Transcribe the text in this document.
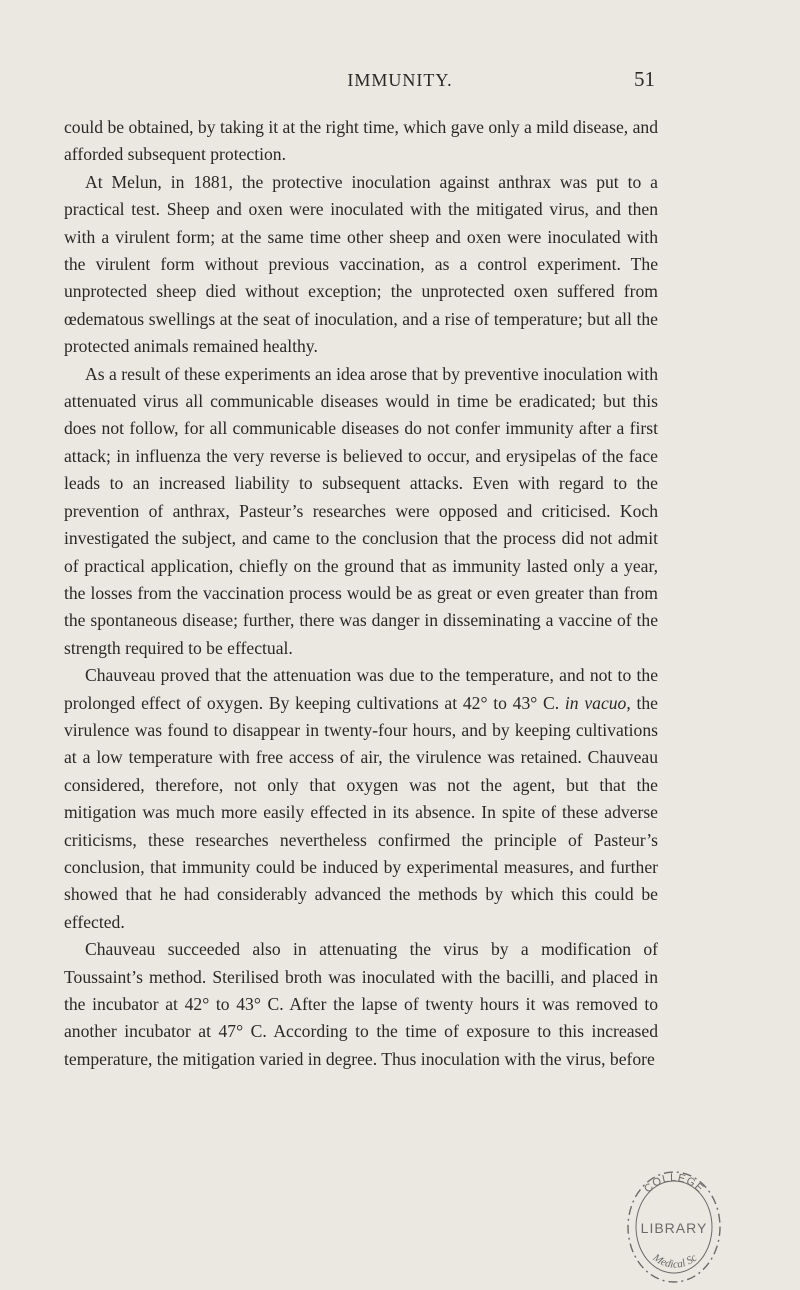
IMMUNITY.	51

could be obtained, by taking it at the right time, which gave only a mild disease, and afforded subsequent protection.

At Melun, in 1881, the protective inoculation against anthrax was put to a practical test. Sheep and oxen were inoculated with the mitigated virus, and then with a virulent form; at the same time other sheep and oxen were inoculated with the virulent form without previous vaccination, as a control experiment. The unprotected sheep died without exception; the unprotected oxen suffered from œdematous swellings at the seat of inoculation, and a rise of temperature; but all the protected animals remained healthy.

As a result of these experiments an idea arose that by preventive inoculation with attenuated virus all communicable diseases would in time be eradicated; but this does not follow, for all communicable diseases do not confer immunity after a first attack; in influenza the very reverse is believed to occur, and erysipelas of the face leads to an increased liability to subsequent attacks. Even with regard to the prevention of anthrax, Pasteur’s researches were opposed and criticised. Koch investigated the subject, and came to the conclusion that the process did not admit of practical application, chiefly on the ground that as immunity lasted only a year, the losses from the vaccination process would be as great or even greater than from the spontaneous disease; further, there was danger in disseminating a vaccine of the strength required to be effectual.

Chauveau proved that the attenuation was due to the temperature, and not to the prolonged effect of oxygen. By keeping cultivations at 42° to 43° C. in vacuo, the virulence was found to disappear in twenty-four hours, and by keeping cultivations at a low temperature with free access of air, the virulence was retained. Chauveau considered, therefore, not only that oxygen was not the agent, but that the mitigation was much more easily effected in its absence. In spite of these adverse criticisms, these researches nevertheless confirmed the principle of Pasteur’s conclusion, that immunity could be induced by experimental measures, and further showed that he had considerably advanced the methods by which this could be effected.

Chauveau succeeded also in attenuating the virus by a modification of Toussaint’s method. Sterilised broth was inoculated with the bacilli, and placed in the incubator at 42° to 43° C. After the lapse of twenty hours it was removed to another incubator at 47° C. According to the time of exposure to this increased temperature, the mitigation varied in degree. Thus inoculation with the virus, before

COLLEGE
LIBRARY
Medical Sc
